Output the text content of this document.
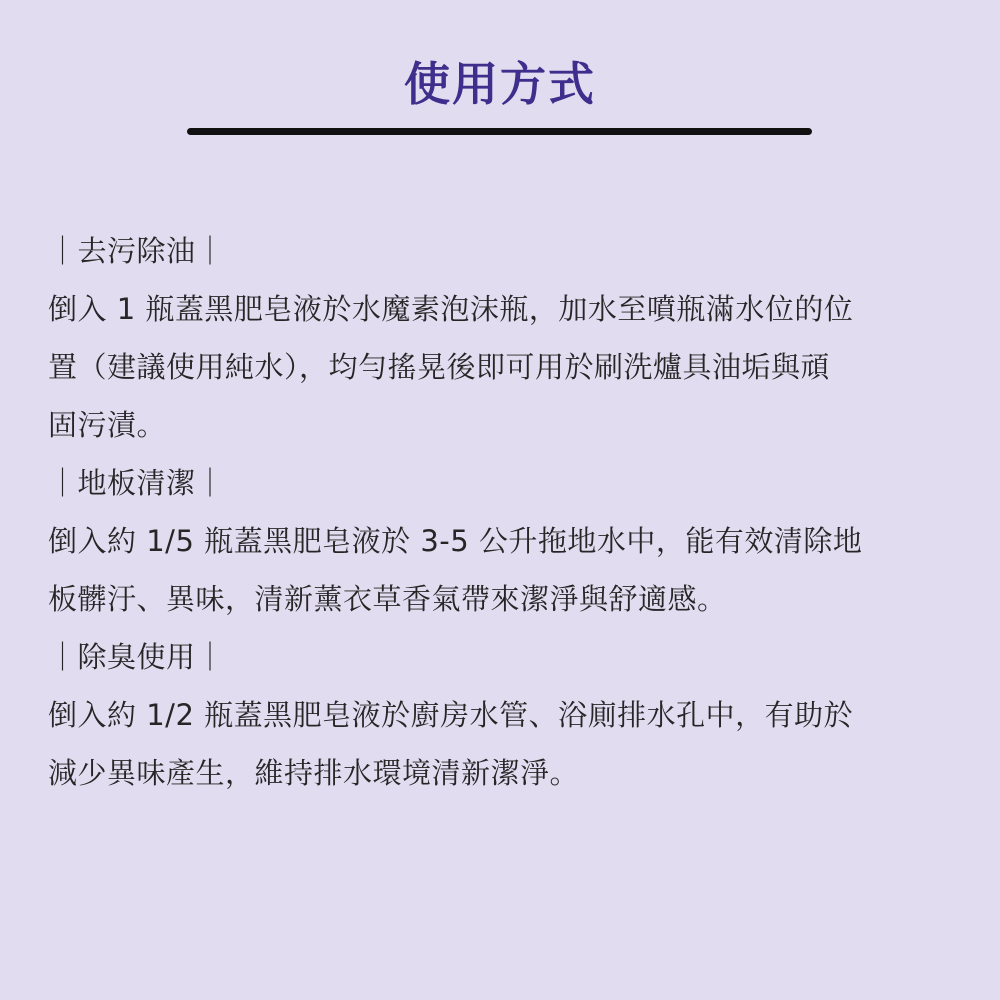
使用方式
｜去污除油｜
倒入 1 瓶蓋黑肥皂液於水魔素泡沫瓶，加水至噴瓶滿水位的位
置（建議使用純水），均勻搖晃後即可用於刷洗爐具油垢與頑
固污漬。
｜地板清潔｜
倒入約 1/5 瓶蓋黑肥皂液於 3-5 公升拖地水中，能有效清除地
板髒汙、異味，清新薰衣草香氣帶來潔淨與舒適感。
｜除臭使用｜
倒入約 1/2 瓶蓋黑肥皂液於廚房水管、浴廁排水孔中，有助於
減少異味產生，維持排水環境清新潔淨。
